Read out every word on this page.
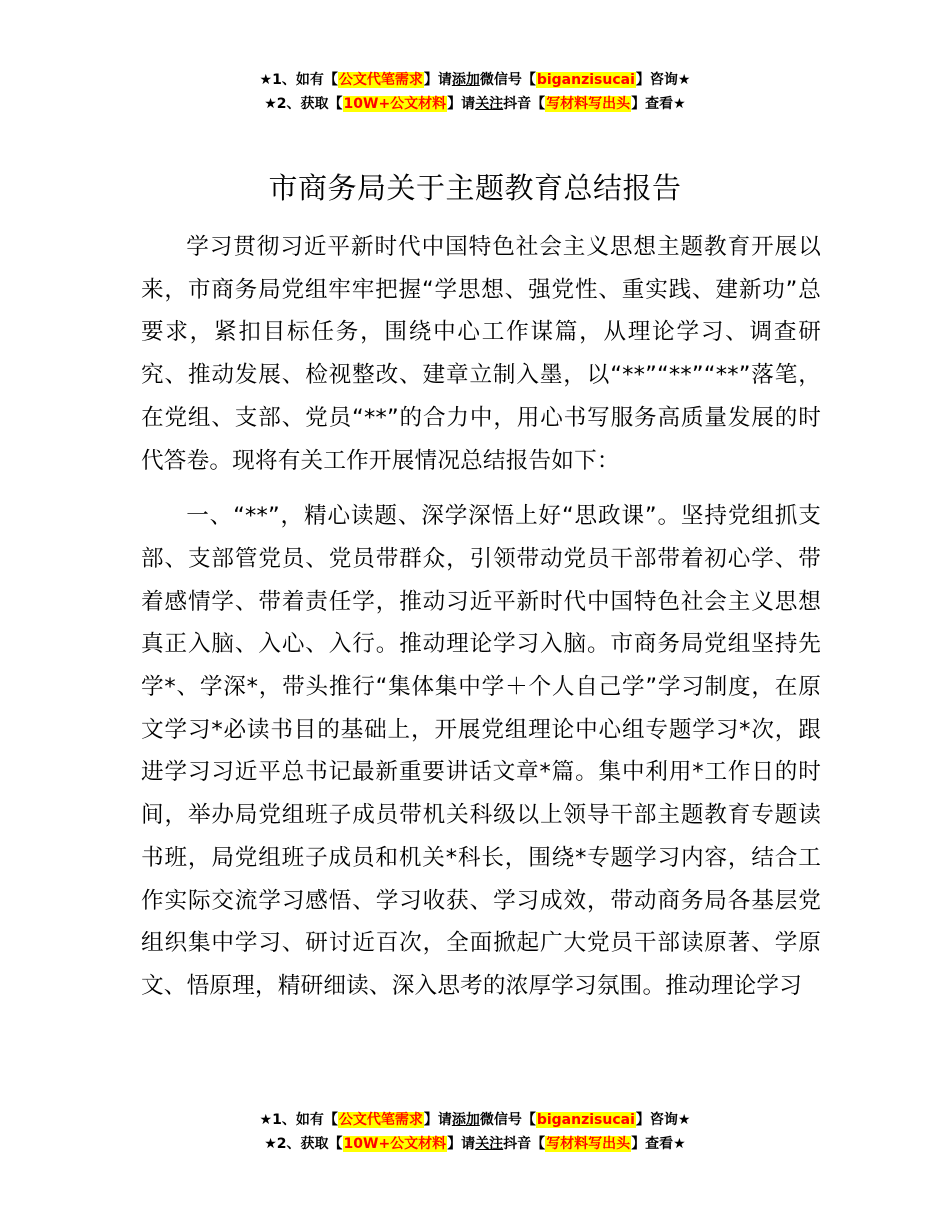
★1、如有【公文代笔需求】请添加微信号【biganzisucai】咨询★
★2、获取【10W+公文材料】请关注抖音【写材料写出头】查看★
市商务局关于主题教育总结报告

学习贯彻习近平新时代中国特色社会主义思想主题教育开展以来，市商务局党组牢牢把握“学思想、强党性、重实践、建新功”总要求，紧扣目标任务，围绕中心工作谋篇，从理论学习、调查研究、推动发展、检视整改、建章立制入墨，以“**”“**”“**”落笔，在党组、支部、党员“**”的合力中，用心书写服务高质量发展的时代答卷。现将有关工作开展情况总结报告如下：

一、“**”，精心读题、深学深悟上好“思政课”。坚持党组抓支部、支部管党员、党员带群众，引领带动党员干部带着初心学、带着感情学、带着责任学，推动习近平新时代中国特色社会主义思想真正入脑、入心、入行。推动理论学习入脑。市商务局党组坚持先学*、学深*，带头推行“集体集中学＋个人自己学”学习制度，在原文学习*必读书目的基础上，开展党组理论中心组专题学习*次，跟进学习习近平总书记最新重要讲话文章*篇。集中利用*工作日的时间，举办局党组班子成员带机关科级以上领导干部主题教育专题读书班，局党组班子成员和机关*科长，围绕*专题学习内容，结合工作实际交流学习感悟、学习收获、学习成效，带动商务局各基层党组织集中学习、研讨近百次，全面掀起广大党员干部读原著、学原文、悟原理，精研细读、深入思考的浓厚学习氛围。推动理论学习

★1、如有【公文代笔需求】请添加微信号【biganzisucai】咨询★
★2、获取【10W+公文材料】请关注抖音【写材料写出头】查看★
